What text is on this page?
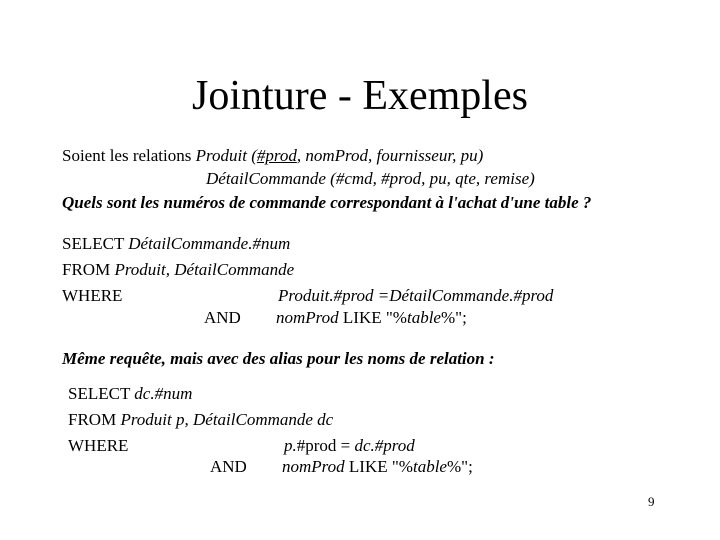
Jointure - Exemples
Soient les relations Produit (#prod, nomProd, fournisseur, pu)
DétailCommande (#cmd, #prod, pu, qte, remise)
Quels sont les numéros de commande correspondant à l'achat d'une table ?
SELECT DétailCommande.#num
FROM Produit, DétailCommande
WHERE	Produit.#prod =DétailCommande.#prod
AND nomProd LIKE "%table%";
Même requête, mais avec des alias pour les noms de relation :
SELECT dc.#num
FROM Produit p, DétailCommande dc
WHERE	p.#prod = dc.#prod
AND nomProd LIKE "%table%";
9
